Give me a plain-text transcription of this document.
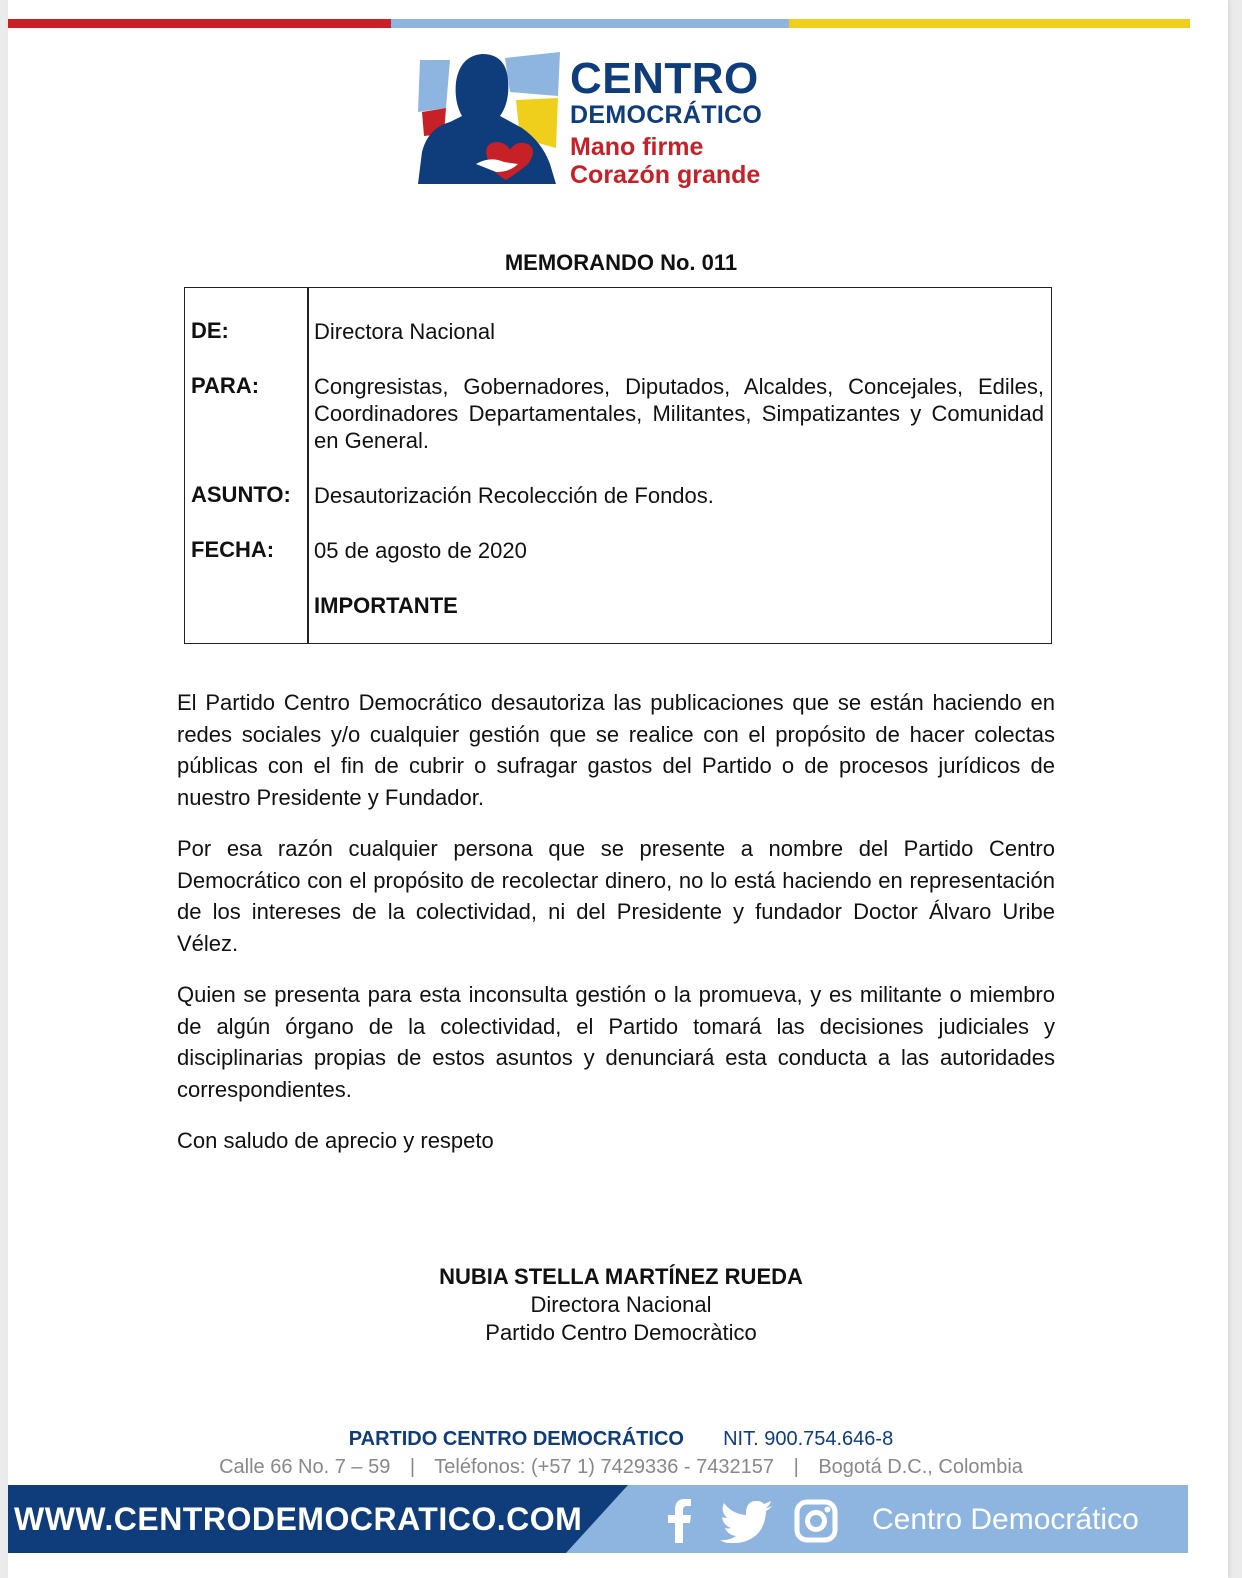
CENTRO
DEMOCRÁTICO
Mano firme
Corazón grande
MEMORANDO No. 011
DE:	Directora Nacional
PARA: Congresistas, Gobernadores, Diputados, Alcaldes, Concejales, Ediles, Coordinadores Departamentales, Militantes, Simpatizantes y Comunidad en General.
ASUNTO: Desautorización Recolección de Fondos.
FECHA: 05 de agosto de 2020
IMPORTANTE
El Partido Centro Democrático desautoriza las publicaciones que se están haciendo en redes sociales y/o cualquier gestión que se realice con el propósito de hacer colectas públicas con el fin de cubrir o sufragar gastos del Partido o de procesos jurídicos de nuestro Presidente y Fundador.
Por esa razón cualquier persona que se presente a nombre del Partido Centro Democrático con el propósito de recolectar dinero, no lo está haciendo en representación de los intereses de la colectividad, ni del Presidente y fundador Doctor Álvaro Uribe Vélez.
Quien se presenta para esta inconsulta gestión o la promueva, y es militante o miembro de algún órgano de la colectividad, el Partido tomará las decisiones judiciales y disciplinarias propias de estos asuntos y denunciará esta conducta a las autoridades correspondientes.
Con saludo de aprecio y respeto
NUBIA STELLA MARTÍNEZ RUEDA
Directora Nacional
Partido Centro Democràtico
PARTIDO CENTRO DEMOCRÁTICO NIT. 900.754.646-8
Calle 66 No. 7 – 59 | Teléfonos: (+57 1) 7429336 - 7432157 | Bogotá D.C., Colombia
WWW.CENTRODEMOCRATICO.COM	Centro Democrático
